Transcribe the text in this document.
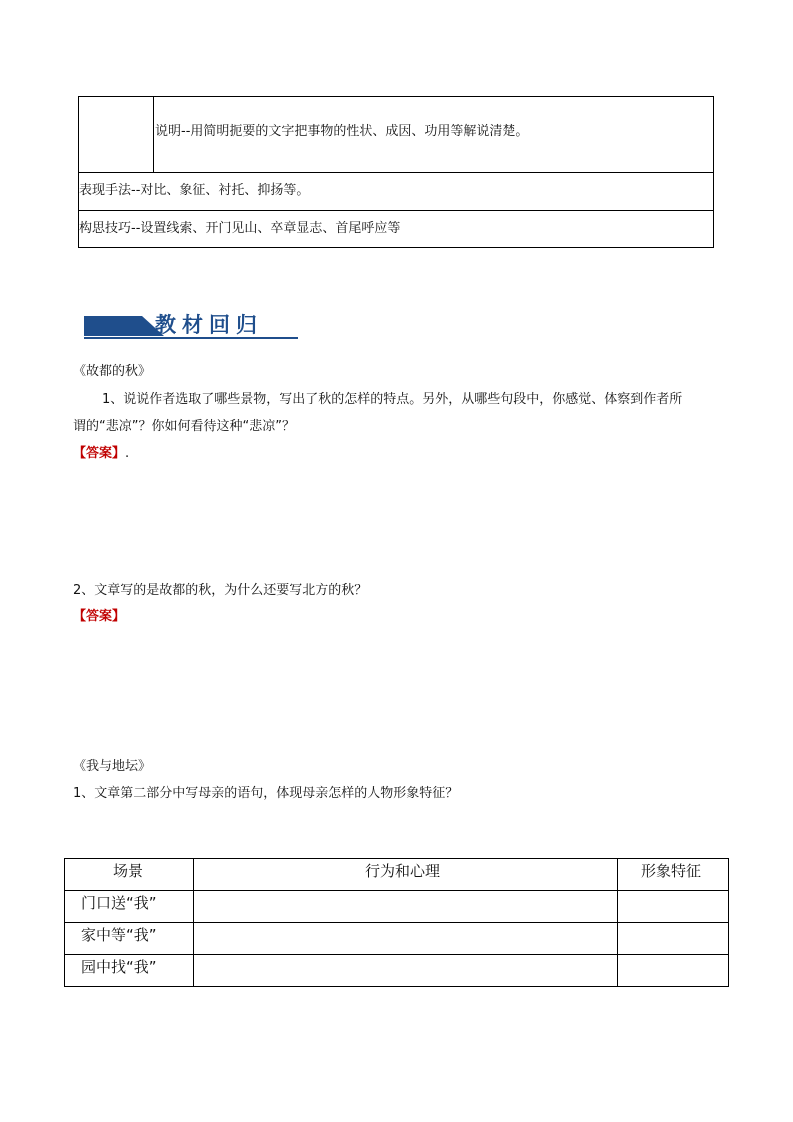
说明--用简明扼要的文字把事物的性状、成因、功用等解说清楚。
表现手法--对比、象征、衬托、抑扬等。
构思技巧--设置线索、开门见山、卒章显志、首尾呼应等
教材回归
《故都的秋》
1、说说作者选取了哪些景物，写出了秋的怎样的特点。另外，从哪些句段中，你感觉、体察到作者所
谓的“悲凉”？你如何看待这种“悲凉”？
【答案】.
2、文章写的是故都的秋，为什么还要写北方的秋？
【答案】
《我与地坛》
1、文章第二部分中写母亲的语句，体现母亲怎样的人物形象特征？
场景	行为和心理	形象特征
门口送“我”
家中等“我”
园中找“我”
